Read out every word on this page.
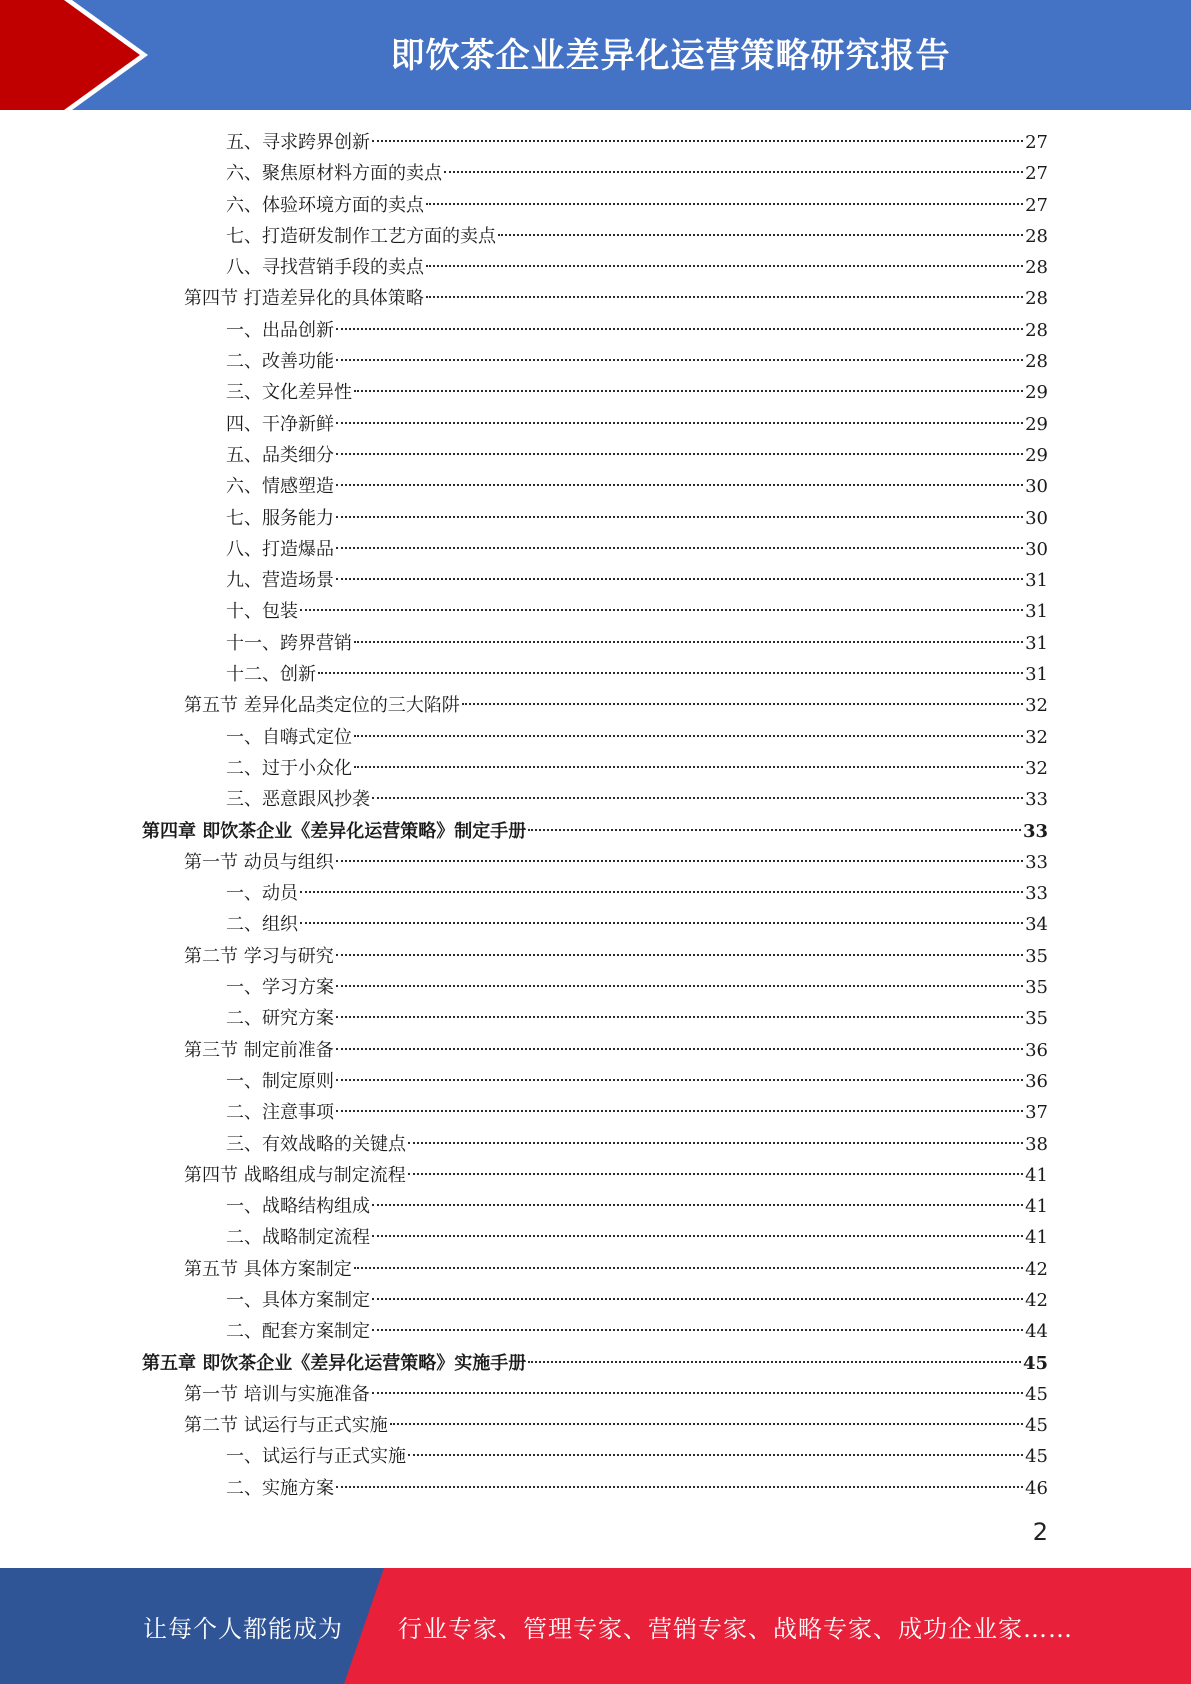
即饮茶企业差异化运营策略研究报告
五、寻求跨界创新	27
六、聚焦原材料方面的卖点	27
六、体验环境方面的卖点	27
七、打造研发制作工艺方面的卖点	28
八、寻找营销手段的卖点	28
第四节 打造差异化的具体策略	28
一、出品创新	28
二、改善功能	28
三、文化差异性	29
四、干净新鲜	29
五、品类细分	29
六、情感塑造	30
七、服务能力	30
八、打造爆品	30
九、营造场景	31
十、包装	31
十一、跨界营销	31
十二、创新	31
第五节 差异化品类定位的三大陷阱	32
一、自嗨式定位	32
二、过于小众化	32
三、恶意跟风抄袭	33
第四章 即饮茶企业《差异化运营策略》制定手册	33
第一节 动员与组织	33
一、动员	33
二、组织	34
第二节 学习与研究	35
一、学习方案	35
二、研究方案	35
第三节 制定前准备	36
一、制定原则	36
二、注意事项	37
三、有效战略的关键点	38
第四节 战略组成与制定流程	41
一、战略结构组成	41
二、战略制定流程	41
第五节 具体方案制定	42
一、具体方案制定	42
二、配套方案制定	44
第五章 即饮茶企业《差异化运营策略》实施手册	45
第一节 培训与实施准备	45
第二节 试运行与正式实施	45
一、试运行与正式实施	45
二、实施方案	46
2
让每个人都能成为	行业专家、管理专家、营销专家、战略专家、成功企业家……
